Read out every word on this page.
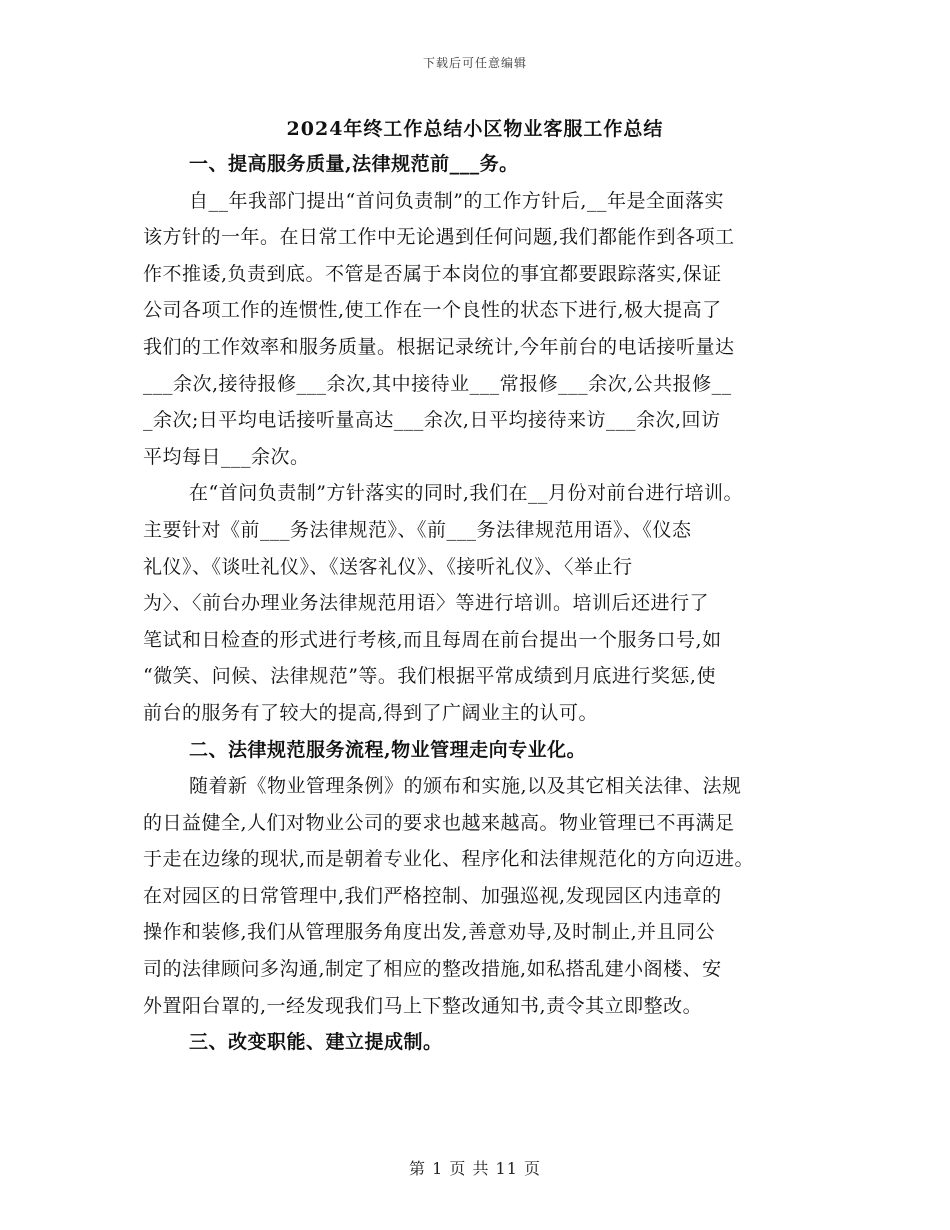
下载后可任意编辑
2024年终工作总结小区物业客服工作总结

一、提高服务质量,法律规范前___务。

自__年我部门提出“首问负责制”的工作方针后,__年是全面落实
该方针的一年。在日常工作中无论遇到任何问题,我们都能作到各项工
作不推诿,负责到底。不管是否属于本岗位的事宜都要跟踪落实,保证
公司各项工作的连惯性,使工作在一个良性的状态下进行,极大提高了
我们的工作效率和服务质量。根据记录统计,今年前台的电话接听量达
___余次,接待报修___余次,其中接待业___常报修___余次,公共报修__
_余次;日平均电话接听量高达___余次,日平均接待来访___余次,回访
平均每日___余次。

在“首问负责制”方针落实的同时,我们在__月份对前台进行培训。
主要针对《前___务法律规范》、《前___务法律规范用语》、《仪态
礼仪》、《谈吐礼仪》、《送客礼仪》、《接听礼仪》、〈举止行
为〉、〈前台办理业务法律规范用语〉等进行培训。培训后还进行了
笔试和日检查的形式进行考核,而且每周在前台提出一个服务口号,如
“微笑、问候、法律规范”等。我们根据平常成绩到月底进行奖惩,使
前台的服务有了较大的提高,得到了广阔业主的认可。

二、法律规范服务流程,物业管理走向专业化。

随着新《物业管理条例》的颁布和实施,以及其它相关法律、法规
的日益健全,人们对物业公司的要求也越来越高。物业管理已不再满足
于走在边缘的现状,而是朝着专业化、程序化和法律规范化的方向迈进。
在对园区的日常管理中,我们严格控制、加强巡视,发现园区内违章的
操作和装修,我们从管理服务角度出发,善意劝导,及时制止,并且同公
司的法律顾问多沟通,制定了相应的整改措施,如私搭乱建小阁楼、安
外置阳台罩的,一经发现我们马上下整改通知书,责令其立即整改。

三、改变职能、建立提成制。

第 1 页 共 11 页
